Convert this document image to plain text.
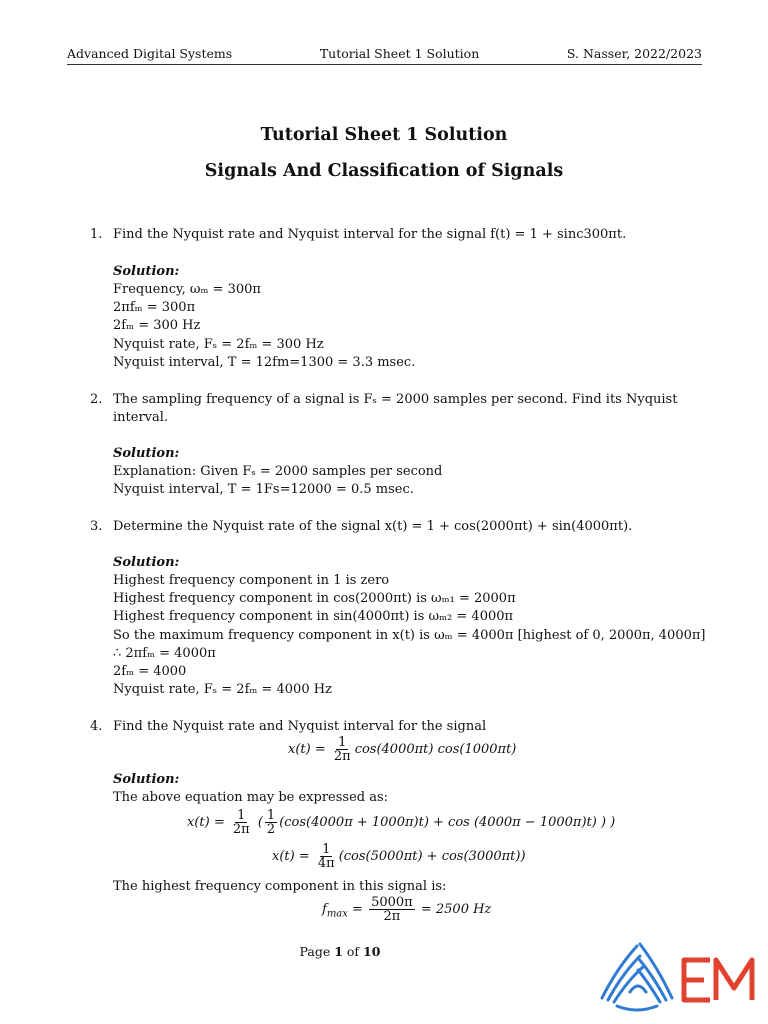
Advanced Digital Systems	Tutorial Sheet 1 Solution	S. Nasser, 2022/2023
Tutorial Sheet 1 Solution
Signals And Classification of Signals
1. Find the Nyquist rate and Nyquist interval for the signal f(t) = 1 + sinc300πt.
Solution:
Frequency, ωₘ = 300π
2πfₘ = 300π
2fₘ = 300 Hz
Nyquist rate, Fₛ = 2fₘ = 300 Hz
Nyquist interval, T = 12fm=1300 = 3.3 msec.
2. The sampling frequency of a signal is Fₛ = 2000 samples per second. Find its Nyquist
interval.
Solution:
Explanation: Given Fₛ = 2000 samples per second
Nyquist interval, T = 1Fs=12000 = 0.5 msec.
3. Determine the Nyquist rate of the signal x(t) = 1 + cos(2000πt) + sin(4000πt).
Solution:
Highest frequency component in 1 is zero
Highest frequency component in cos(2000πt) is ωₘ₁ = 2000π
Highest frequency component in sin(4000πt) is ωₘ₂ = 4000π
So the maximum frequency component in x(t) is ωₘ = 4000π [highest of 0, 2000π, 4000π]
∴ 2πfₘ = 4000π
2fₘ = 4000
Nyquist rate, Fₛ = 2fₘ = 4000 Hz
4. Find the Nyquist rate and Nyquist interval for the signal
$x(t) = \frac{1}{2\pi} \cos(4000\pi t)$ cos(1000πt)
Solution:
The above equation may be expressed as:
$x(t) = \frac{1}{2\pi}$ ( $\frac{1}{2} (\cos(4000\pi + 1000\pi)t) + \cos (4000\pi - 1000\pi)t$) ) )
$x(t) = \frac{1}{4\pi} (\cos(5000\pi t) + \cos(3000\pi t))$
The highest frequency component in this signal is:
$f_{max} = \frac{5000\pi}{2\pi} = 2500$ Hz
Page 1 of 10
